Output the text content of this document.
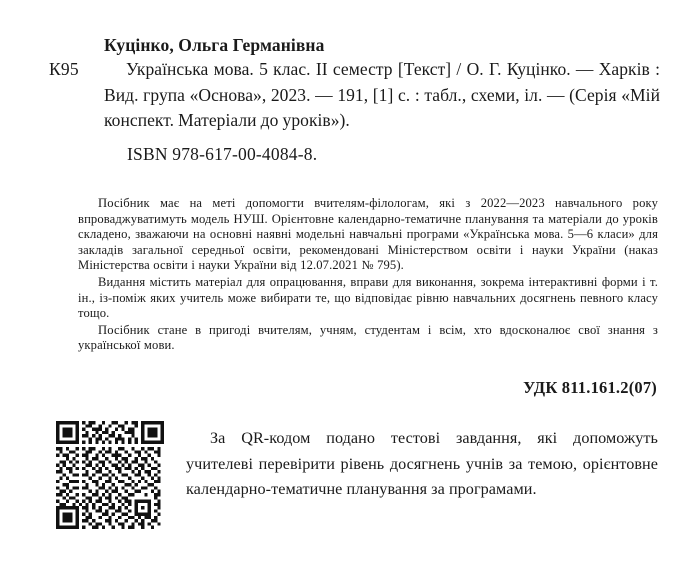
Куцінко, Ольга Германівна
К95	Українська мова. 5 клас. II семестр [Текст] / О. Г. Куцінко. — Харків : Вид. група «Основа», 2023. — 191, [1] с. : табл., схеми, іл. — (Серія «Мій конспект. Матеріали до уроків»).
ISBN 978-617-00-4084-8.

Посібник має на меті допомогти вчителям-філологам, які з 2022—2023 навчального року впроваджуватимуть модель НУШ. Орієнтовне календарно-тематичне планування та матеріали до уроків складено, зважаючи на основні наявні модельні навчальні програми «Українська мова. 5—6 класи» для закладів загальної середньої освіти, рекомендовані Міністерством освіти і науки України (наказ Міністерства освіти і науки України від 12.07.2021 № 795).

Видання містить матеріал для опрацювання, вправи для виконання, зокрема інтерактивні форми і т. ін., із-поміж яких учитель може вибирати те, що відповідає рівню навчальних досягнень певного класу тощо.

Посібник стане в пригоді вчителям, учням, студентам і всім, хто вдосконалює свої знання з української мови.

УДК 811.161.2(07)

За QR-кодом подано тестові завдання, які допоможуть учителеві перевірити рівень досягнень учнів за темою, орієнтовне календарно-тематичне планування за програмами.
